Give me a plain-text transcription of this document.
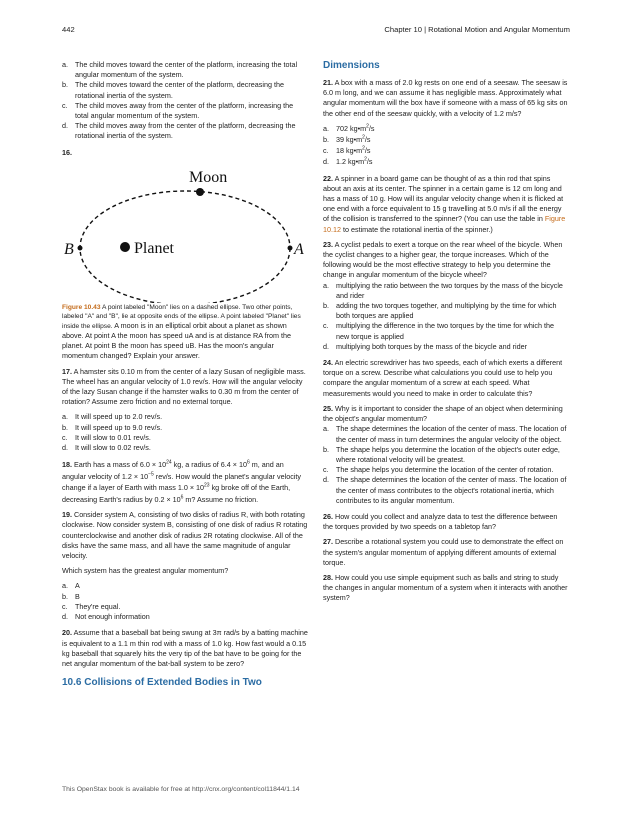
442	Chapter 10 | Rotational Motion and Angular Momentum
a. The child moves toward the center of the platform, increasing the total angular momentum of the system.
b. The child moves toward the center of the platform, decreasing the rotational inertia of the system.
c. The child moves away from the center of the platform, increasing the total angular momentum of the system.
d. The child moves away from the center of the platform, decreasing the rotational inertia of the system.

16.

Moon
Planet
B	A

Figure 10.43 A point labeled "Moon" lies on a dashed ellipse. Two other points, labeled "A" and "B", lie at opposite ends of the ellipse. A point labeled "Planet" lies inside the ellipse. A moon is in an elliptical orbit about a planet as shown above. At point A the moon has speed uA and is at distance RA from the planet. At point B the moon has speed uB. Has the moon's angular momentum changed? Explain your answer.

17. A hamster sits 0.10 m from the center of a lazy Susan of negligible mass. The wheel has an angular velocity of 1.0 rev/s. How will the angular velocity of the lazy Susan change if the hamster walks to 0.30 m from the center of rotation? Assume zero friction and no external torque.

a. It will speed up to 2.0 rev/s.
b. It will speed up to 9.0 rev/s.
c. It will slow to 0.01 rev/s.
d. It will slow to 0.02 rev/s.

18. Earth has a mass of $6.0 \times 10^{24}$ kg, a radius of $6.4 \times 10^6$ m, and an angular velocity of $1.2 \times 10^{-5}$ rev/s. How would the planet's angular velocity change if a layer of Earth with mass $1.0 \times 10^{23}$ kg broke off of the Earth, decreasing Earth's radius by $0.2 \times 10^6$ m? Assume no friction.

19. Consider system A, consisting of two disks of radius R, with both rotating clockwise. Now consider system B, consisting of one disk of radius R rotating counterclockwise and another disk of radius 2R rotating clockwise. All of the disks have the same mass, and all have the same magnitude of angular velocity.

Which system has the greatest angular momentum?

a. A
b. B
c. They're equal.
d. Not enough information

20. Assume that a baseball bat being swung at 3π rad/s by a batting machine is equivalent to a 1.1 m thin rod with a mass of 1.0 kg. How fast would a 0.15 kg baseball that squarely hits the very tip of the bat have to be going for the net angular momentum of the bat-ball system to be zero?

10.6 Collisions of Extended Bodies in Two
Dimensions

21. A box with a mass of 2.0 kg rests on one end of a seesaw. The seesaw is 6.0 m long, and we can assume it has negligible mass. Approximately what angular momentum will the box have if someone with a mass of 65 kg sits on the other end of the seesaw quickly, with a velocity of 1.2 m/s?

a. 702 $kg•m^2/s$
b. 39 $kg•m^2/s$
c. 18 $kg•m^2/s$
d. 1.2 $kg•m^2/s$

22. A spinner in a board game can be thought of as a thin rod that spins about an axis at its center. The spinner in a certain game is 12 cm long and has a mass of 10 g. How will its angular velocity change when it is flicked at one end with a force equivalent to 15 g travelling at 5.0 m/s if all the energy of the collision is transferred to the spinner? (You can use the table in Figure 10.12 to estimate the rotational inertia of the spinner.)

23. A cyclist pedals to exert a torque on the rear wheel of the bicycle. When the cyclist changes to a higher gear, the torque increases. Which of the following would be the most effective strategy to help you determine the change in angular momentum of the bicycle wheel?

a. multiplying the ratio between the two torques by the mass of the bicycle and rider
b. adding the two torques together, and multiplying by the time for which both torques are applied
c. multiplying the difference in the two torques by the time for which the new torque is applied
d. multiplying both torques by the mass of the bicycle and rider

24. An electric screwdriver has two speeds, each of which exerts a different torque on a screw. Describe what calculations you could use to help you compare the angular momentum of a screw at each speed. What measurements would you need to make in order to calculate this?

25. Why is it important to consider the shape of an object when determining the object's angular momentum?

a. The shape determines the location of the center of mass. The location of the center of mass in turn determines the angular velocity of the object.
b. The shape helps you determine the location of the object's outer edge, where rotational velocity will be greatest.
c. The shape helps you determine the location of the center of rotation.
d. The shape determines the location of the center of mass. The location of the center of mass contributes to the object's rotational inertia, which contributes to its angular momentum.

26. How could you collect and analyze data to test the difference between the torques provided by two speeds on a tabletop fan?

27. Describe a rotational system you could use to demonstrate the effect on the system's angular momentum of applying different amounts of external torque.

28. How could you use simple equipment such as balls and string to study the changes in angular momentum of a system when it interacts with another system?

This OpenStax book is available for free at http://cnx.org/content/col11844/1.14
